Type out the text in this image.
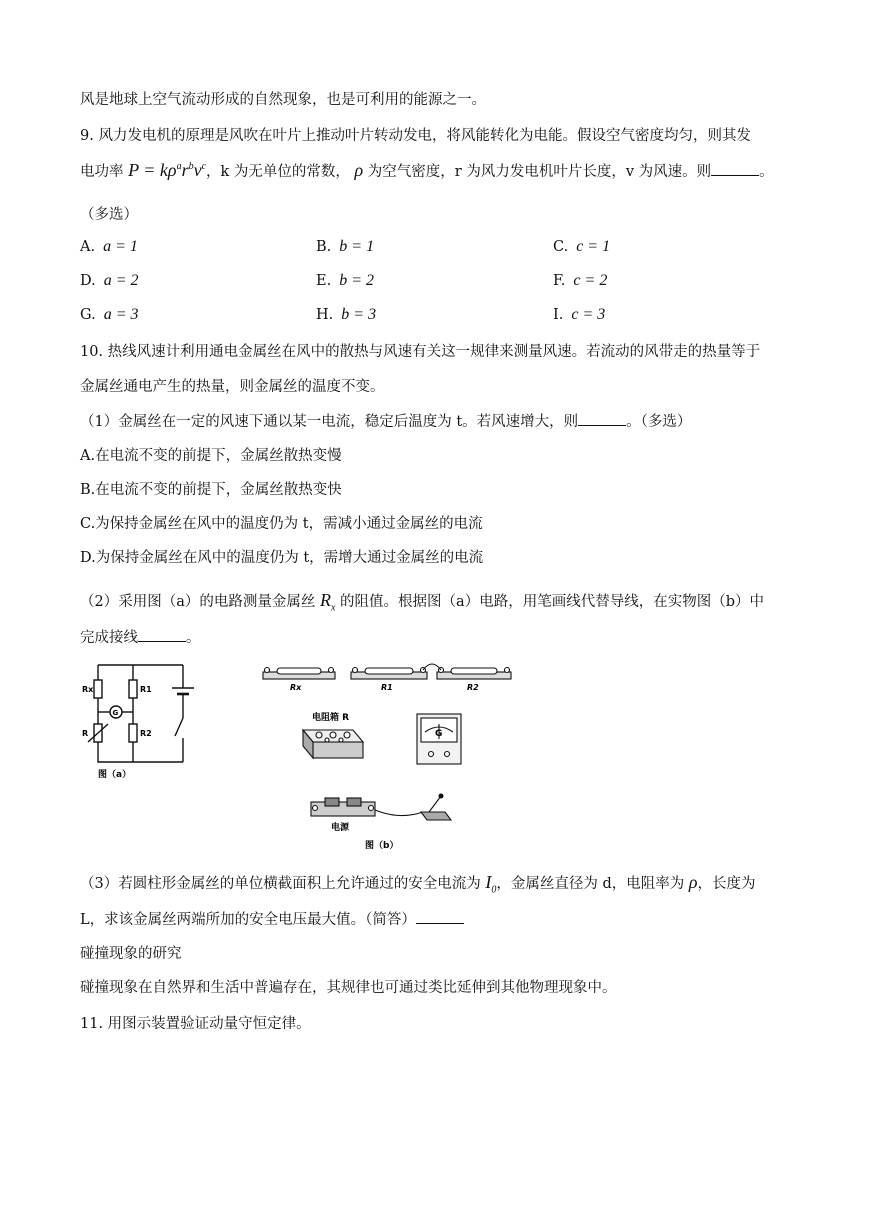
风是地球上空气流动形成的自然现象，也是可利用的能源之一。
9. 风力发电机的原理是风吹在叶片上推动叶片转动发电，将风能转化为电能。假设空气密度均匀，则其发
电功率 $P = k\rho^ar^bv^c$，k 为无单位的常数， ρ 为空气密度，r 为风力发电机叶片长度，v 为风速。则	。
（多选）
A. a = 1	B. b = 1	C. c = 1
D. a = 2	E. b = 2	F. c = 2
G. a = 3	H. b = 3	I. c = 3
10. 热线风速计利用通电金属丝在风中的散热与风速有关这一规律来测量风速。若流动的风带走的热量等于
金属丝通电产生的热量，则金属丝的温度不变。
（1）金属丝在一定的风速下通以某一电流，稳定后温度为 t。若风速增大，则	。（多选）
A.在电流不变的前提下，金属丝散热变慢
B.在电流不变的前提下，金属丝散热变快
C.为保持金属丝在风中的温度仍为 t，需减小通过金属丝的电流
D.为保持金属丝在风中的温度仍为 t，需增大通过金属丝的电流
（2）采用图（a）的电路测量金属丝 $R_x$ 的阻值。根据图（a）电路，用笔画线代替导线，在实物图（b）中
完成接线	。
Rx	R1
R	R2
G
图（a）
Rx	R1	R2
电阻箱 R
G
电源
图（b）
（3）若圆柱形金属丝的单位横截面积上允许通过的安全电流为 $I_0$，金属丝直径为 d，电阻率为 ρ，长度为
L，求该金属丝两端所加的安全电压最大值。（简答）
碰撞现象的研究
碰撞现象在自然界和生活中普遍存在，其规律也可通过类比延伸到其他物理现象中。
11. 用图示装置验证动量守恒定律。
